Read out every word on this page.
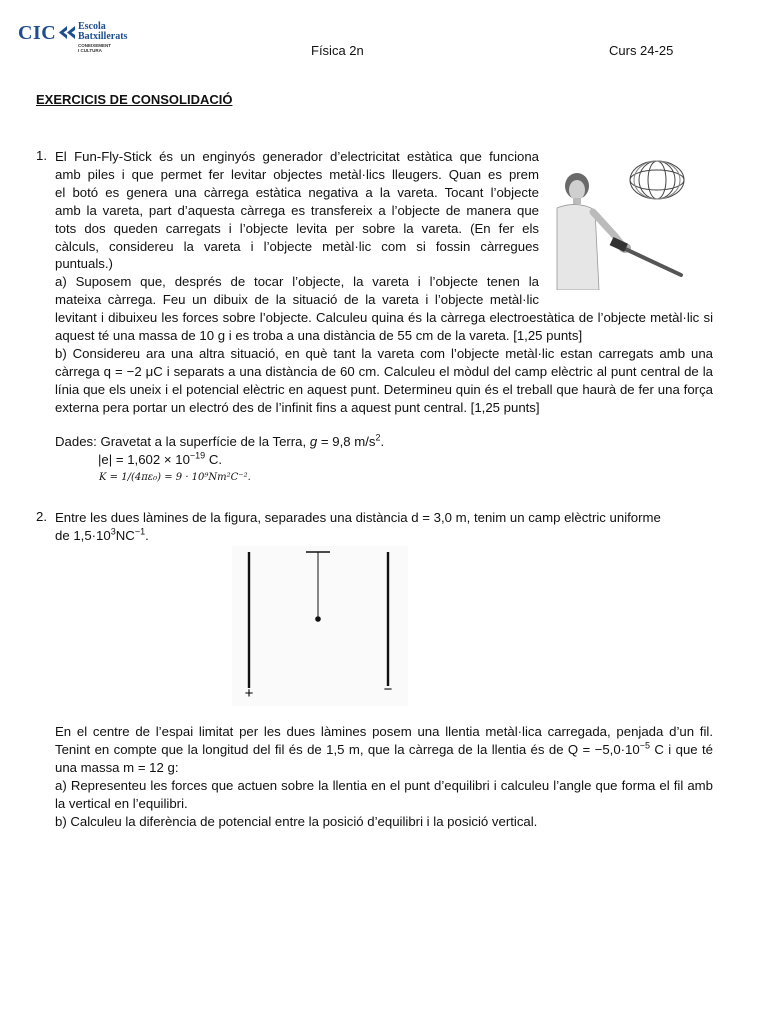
CIC Escola
Batxillerats
CONEIXEMENT
I CULTURA	Física 2n	Curs 24-25
EXERCICIS DE CONSOLIDACIÓ
1. El Fun-Fly-Stick és un enginyós generador d’electricitat estàtica que funciona

amb piles i que permet fer levitar objectes metàl·lics lleugers. Quan es prem

el botó es genera una càrrega estàtica negativa a la vareta. Tocant l’objecte

amb la vareta, part d’aquesta càrrega es transfereix a l’objecte de manera que

tots dos queden carregats i l’objecte levita per sobre la vareta. (En fer els

càlculs, considereu la vareta i l’objecte metàl·lic com si fossin càrregues

puntuals.)

a) Suposem que, després de tocar l’objecte, la vareta i l’objecte tenen la

mateixa càrrega. Feu un dibuix de la situació de la vareta i l’objecte metàl·lic

levitant i dibuixeu les forces sobre l’objecte. Calculeu quina és la càrrega electroestàtica de l’objecte metàl·lic si aquest té una massa de 10 g i es troba a una distància de 55 cm de la vareta. [1,25 punts]

b) Considereu ara una altra situació, en què tant la vareta com l’objecte metàl·lic estan carregats amb una càrrega q = −2 μC i separats a una distància de 60 cm. Calculeu el mòdul del camp elèctric al punt central de la línia que els uneix i el potencial elèctric en aquest punt. Determineu quin és el treball que haurà de fer una força externa pera portar un electró des de l’infinit fins a aquest punt central. [1,25 punts]

Dades: Gravetat a la superfície de la Terra, g = 9,8 $m/s^2$.
$|e| = 1,602 \times 10^{-19}$ C.
K = 1/(4πε₀) = 9 · 10⁹Nm²C⁻².
2. Entre les dues làmines de la figura, separades una distància d = 3,0 m, tenim un camp elèctric uniforme

de $1,5\cdot 10^3NC^{-1}$.

+	−

En el centre de l’espai limitat per les dues làmines posem una llentia metàl·lica carregada, penjada d’un fil. Tenint en compte que la longitud del fil és de 1,5 m, que la càrrega de la llentia és de $Q = -5,0\cdot 10^{-5}$ C i que té una massa m = 12 g:

a) Representeu les forces que actuen sobre la llentia en el punt d’equilibri i calculeu l’angle que forma el fil amb la vertical en l’equilibri.

b) Calculeu la diferència de potencial entre la posició d’equilibri i la posició vertical.
